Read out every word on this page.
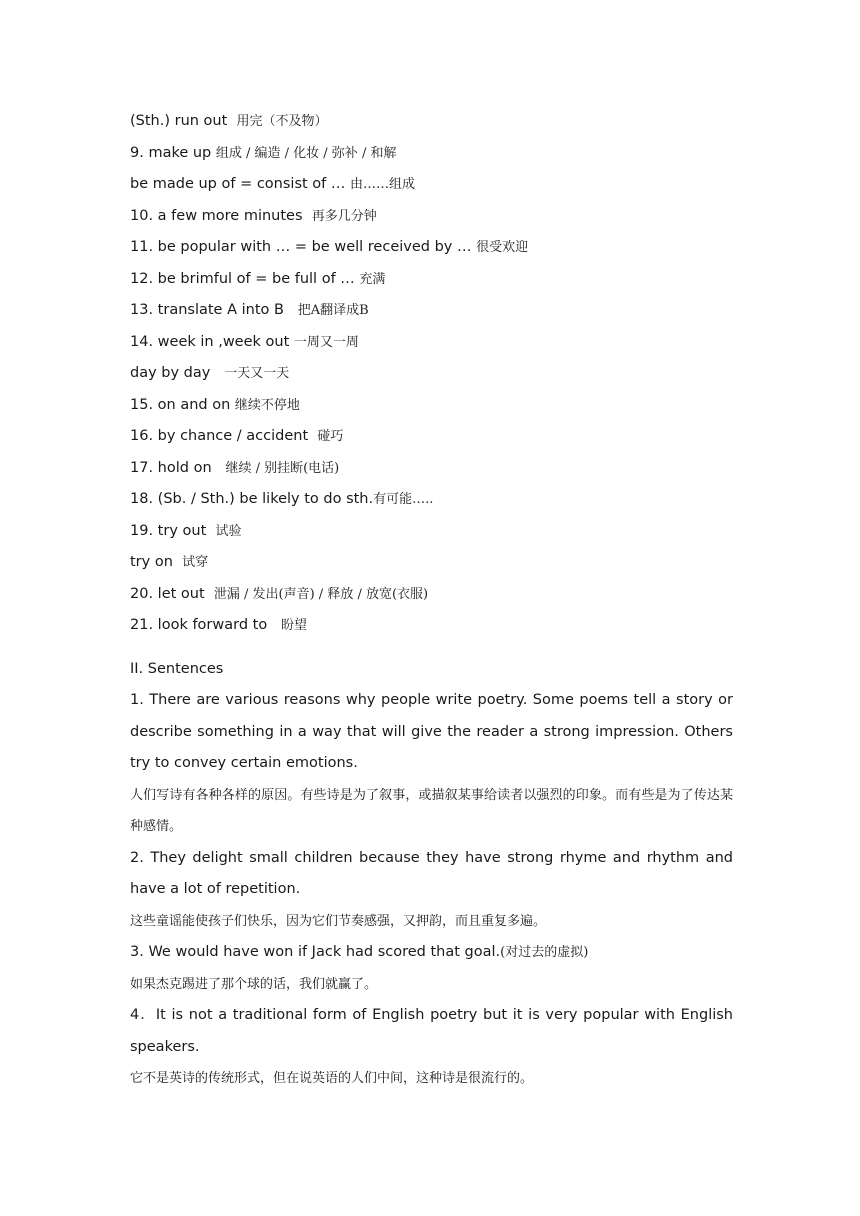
(Sth.) run out 用完（不及物）
9. make up 组成 / 编造 / 化妆 / 弥补 / 和解
be made up of = consist of … 由……组成
10. a few more minutes 再多几分钟
11. be popular with … = be well received by … 很受欢迎
12. be brimful of = be full of … 充满
13. translate A into B 把A翻译成B
14. week in ,week out 一周又一周
day by day 一天又一天
15. on and on 继续不停地
16. by chance / accident 碰巧
17. hold on 继续 / 别挂断(电话)
18. (Sb. / Sth.) be likely to do sth.有可能…..
19. try out 试验
try on 试穿
20. let out 泄漏 / 发出(声音) / 释放 / 放宽(衣服)
21. look forward to 盼望
II. Sentences

1. There are various reasons why people write poetry. Some poems tell a story or describe something in a way that will give the reader a strong impression. Others try to convey certain emotions.

人们写诗有各种各样的原因。有些诗是为了叙事，或描叙某事给读者以强烈的印象。而有些是为了传达某种感情。

2. They delight small children because they have strong rhyme and rhythm and have a lot of repetition.

这些童谣能使孩子们快乐，因为它们节奏感强，又押韵，而且重复多遍。

3. We would have won if Jack had scored that goal.(对过去的虚拟)

如果杰克踢进了那个球的话，我们就赢了。

4．It is not a traditional form of English poetry but it is very popular with English speakers.

它不是英诗的传统形式，但在说英语的人们中间，这种诗是很流行的。
